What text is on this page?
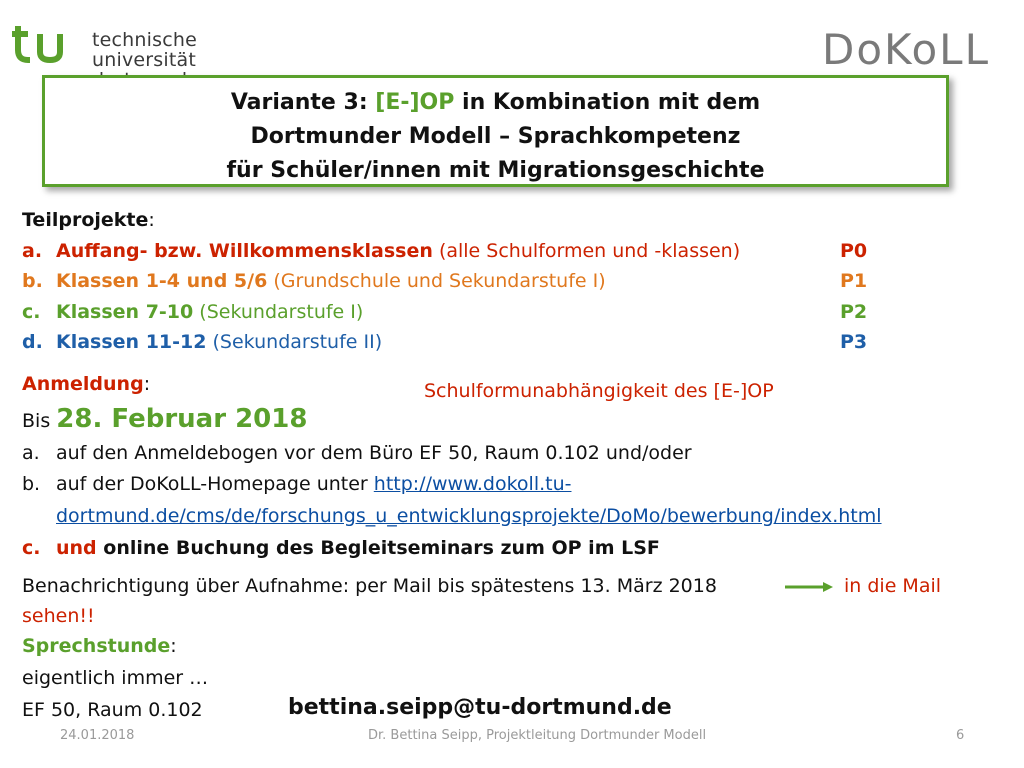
technische universität	DoKoLL
Variante 3: [E-]OP in Kombination mit dem
Dortmunder Modell – Sprachkompetenz
für Schüler/innen mit Migrationsgeschichte
Teilprojekte:
a. Auffang- bzw. Willkommensklassen (alle Schulformen und -klassen)	P0
b. Klassen 1-4 und 5/6 (Grundschule und Sekundarstufe I)	P1
c. Klassen 7-10 (Sekundarstufe I)	P2
d. Klassen 11-12 (Sekundarstufe II)	P3
Anmeldung:	Schulformunabhängigkeit des [E-]OP
Bis 28. Februar 2018
a. auf den Anmeldebogen vor dem Büro EF 50, Raum 0.102 und/oder
b. auf der DoKoLL-Homepage unter http://www.dokoll.tu-
dortmund.de/cms/de/forschungs_u_entwicklungsprojekte/DoMo/bewerbung/index.html
c. und online Buchung des Begleitseminars zum OP im LSF
Benachrichtigung über Aufnahme: per Mail bis spätestens 13. März 2018	in die Mail
sehen!!
Sprechstunde:
eigentlich immer …
EF 50, Raum 0.102	bettina.seipp@tu-dortmund.de
24.01.2018	Dr. Bettina Seipp, Projektleitung Dortmunder Modell	6
